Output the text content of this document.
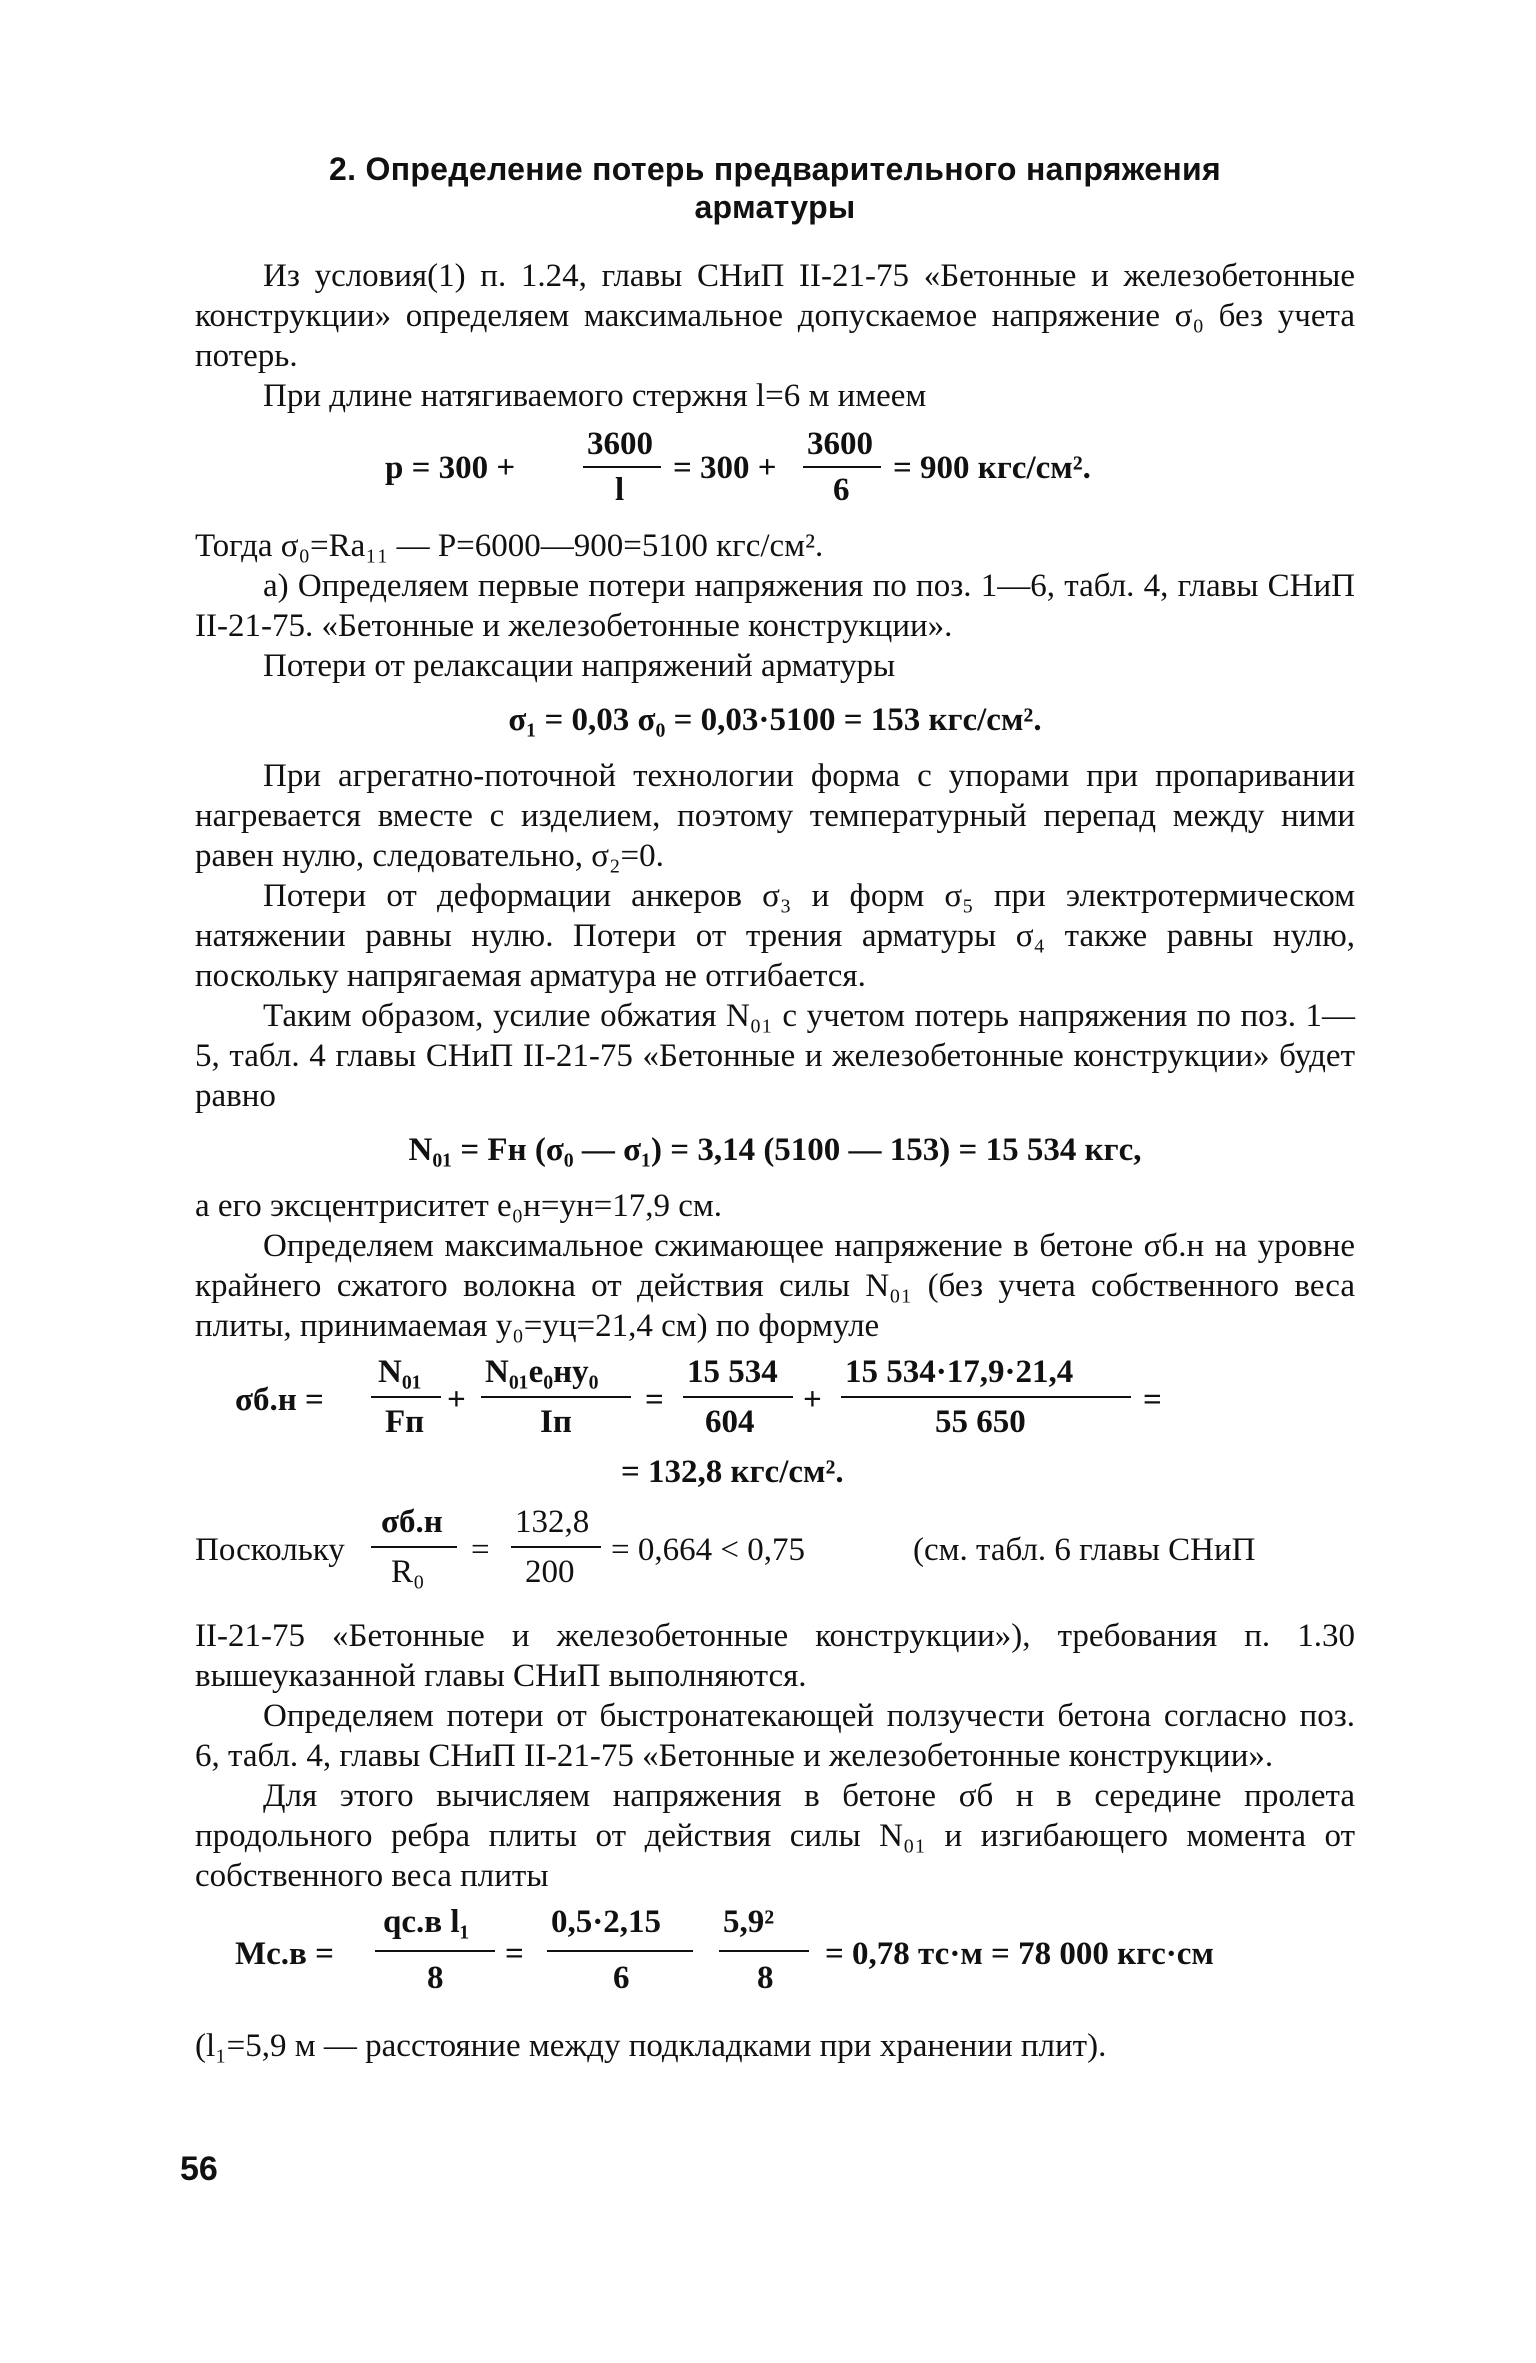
2. Определение потерь предварительного напряжения
арматуры

Из условия(1) п. 1.24, главы СНиП II-21-75 «Бетонные и железобетонные конструкции» определяем максимальное допускаемое напряжение σ₀ без учета потерь.

При длине натягиваемого стержня l=6 м имеем

p = 300 +
3600
l
= 300 +
3600
6
= 900 кгс/см².

Тогда σ₀=Rа₁₁ — P=6000—900=5100 кгс/см².

а) Определяем первые потери напряжения по поз. 1—6, табл. 4, главы СНиП II-21-75. «Бетонные и железобетонные конструкции».

Потери от релаксации напряжений арматуры

σ₁ = 0,03 σ₀ = 0,03·5100 = 153 кгс/см².

При агрегатно-поточной технологии форма с упорами при пропаривании нагревается вместе с изделием, поэтому температурный перепад между ними равен нулю, следовательно, σ₂=0.

Потери от деформации анкеров σ₃ и форм σ₅ при электротермическом натяжении равны нулю. Потери от трения арматуры σ₄ также равны нулю, поскольку напрягаемая арматура не отгибается.

Таким образом, усилие обжатия N₀₁ с учетом потерь напряжения по поз. 1—5, табл. 4 главы СНиП II-21-75 «Бетонные и железобетонные конструкции» будет равно

N₀₁ = Fн (σ₀ — σ₁) = 3,14 (5100 — 153) = 15 534 кгс,

а его эксцентриситет e₀н=yн=17,9 см.

Определяем максимальное сжимающее напряжение в бетоне σб.н на уровне крайнего сжатого волокна от действия силы N₀₁ (без учета собственного веса плиты, принимаемая y₀=yц=21,4 см) по формуле

σб.н =
N₀₁
Fп
+
N₀₁e₀нy₀
Iп
=
15 534
604
+
15 534·17,9·21,4
55 650
=
= 132,8 кгс/см².
Поскольку
σб.н
R₀
=
132,8
200
= 0,664 < 0,75	(см. табл. 6 главы СНиП

II-21-75 «Бетонные и железобетонные конструкции»), требования п. 1.30 вышеуказанной главы СНиП выполняются.

Определяем потери от быстронатекающей ползучести бетона согласно поз. 6, табл. 4, главы СНиП II-21-75 «Бетонные и железобетонные конструкции».

Для этого вычисляем напряжения в бетоне σб н в середине пролета продольного ребра плиты от действия силы N₀₁ и изгибающего момента от собственного веса плиты

Mс.в =
qс.в l₁
8
=
0,5·2,15
6
5,9²
8
= 0,78 тс·м = 78 000 кгс·см

(l₁=5,9 м — расстояние между подкладками при хранении плит).

56
